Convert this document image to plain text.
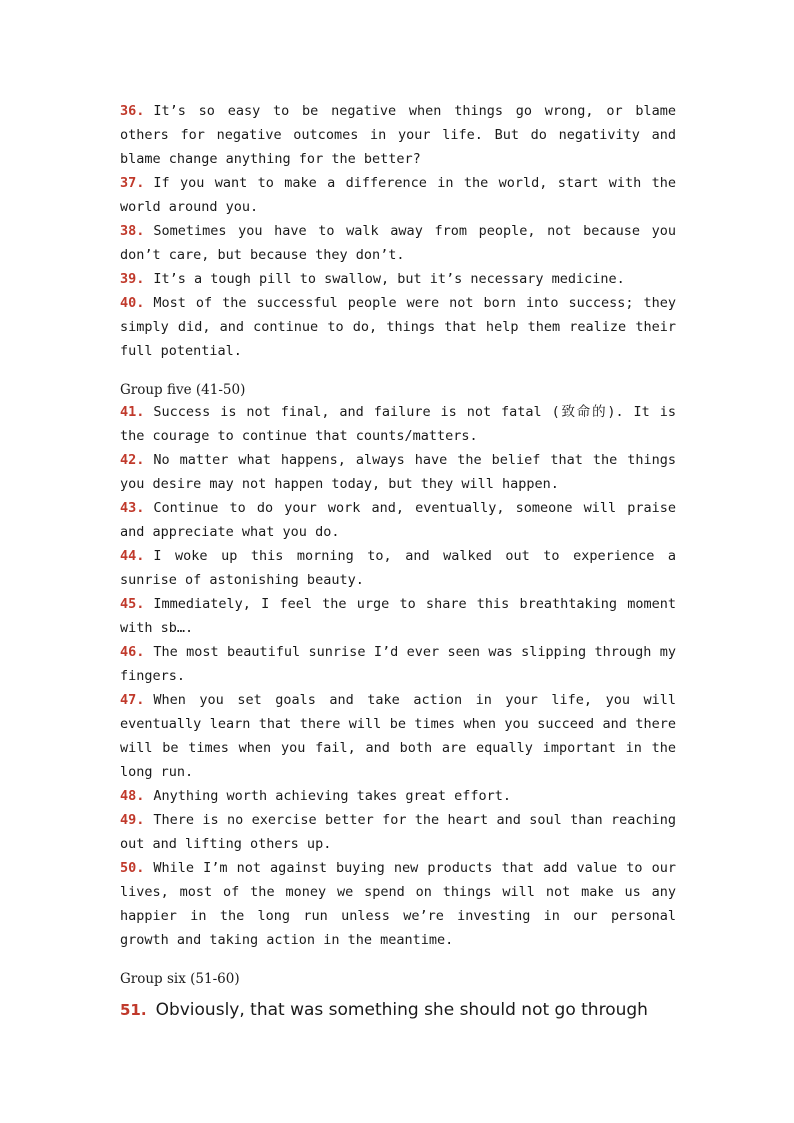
36. It’s so easy to be negative when things go wrong, or blame others for negative outcomes in your life. But do negativity and blame change anything for the better?
37. If you want to make a difference in the world, start with the world around you.
38. Sometimes you have to walk away from people, not because you don’t care, but because they don’t.
39. It’s a tough pill to swallow, but it’s necessary medicine.
40. Most of the successful people were not born into success; they simply did, and continue to do, things that help them realize their full potential.
Group five (41-50)
41. Success is not final, and failure is not fatal (致命的). It is the courage to continue that counts/matters.
42. No matter what happens, always have the belief that the things you desire may not happen today, but they will happen.
43. Continue to do your work and, eventually, someone will praise and appreciate what you do.
44. I woke up this morning to, and walked out to experience a sunrise of astonishing beauty.
45. Immediately, I feel the urge to share this breathtaking moment with sb….
46. The most beautiful sunrise I’d ever seen was slipping through my fingers.
47. When you set goals and take action in your life, you will eventually learn that there will be times when you succeed and there will be times when you fail, and both are equally important in the long run.
48. Anything worth achieving takes great effort.
49. There is no exercise better for the heart and soul than reaching out and lifting others up.
50. While I’m not against buying new products that add value to our lives, most of the money we spend on things will not make us any happier in the long run unless we’re investing in our personal growth and taking action in the meantime.
Group six (51-60)
51. Obviously, that was something she should not go through
